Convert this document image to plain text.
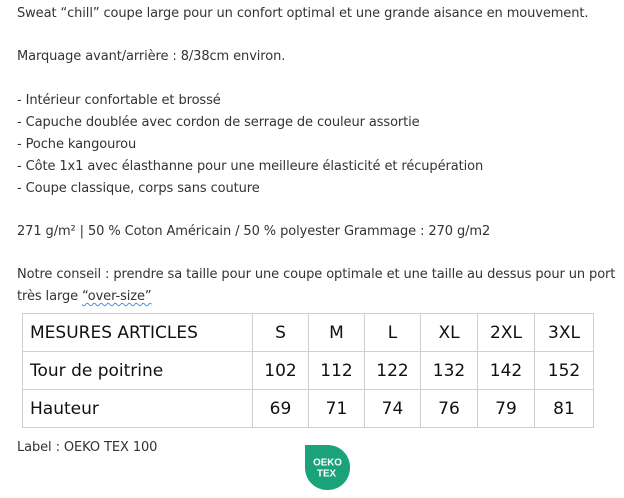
Sweat “chill” coupe large pour un confort optimal et une grande aisance en mouvement.
Marquage avant/arrière : 8/38cm environ.
- Intérieur confortable et brossé
- Capuche doublée avec cordon de serrage de couleur assortie
- Poche kangourou
- Côte 1x1 avec élasthanne pour une meilleure élasticité et récupération
- Coupe classique, corps sans couture
271 g/m² | 50 % Coton Américain / 50 % polyester Grammage : 270 g/m2
Notre conseil : prendre sa taille pour une coupe optimale et une taille au dessus pour un port
très large “over-size”
MESURES ARTICLES	S	M	L	XL	2XL	3XL
Tour de poitrine	102	112	122	132	142	152
Hauteur	69	71	74	76	79	81
Label : OEKO TEX 100
OEKO
TEX
